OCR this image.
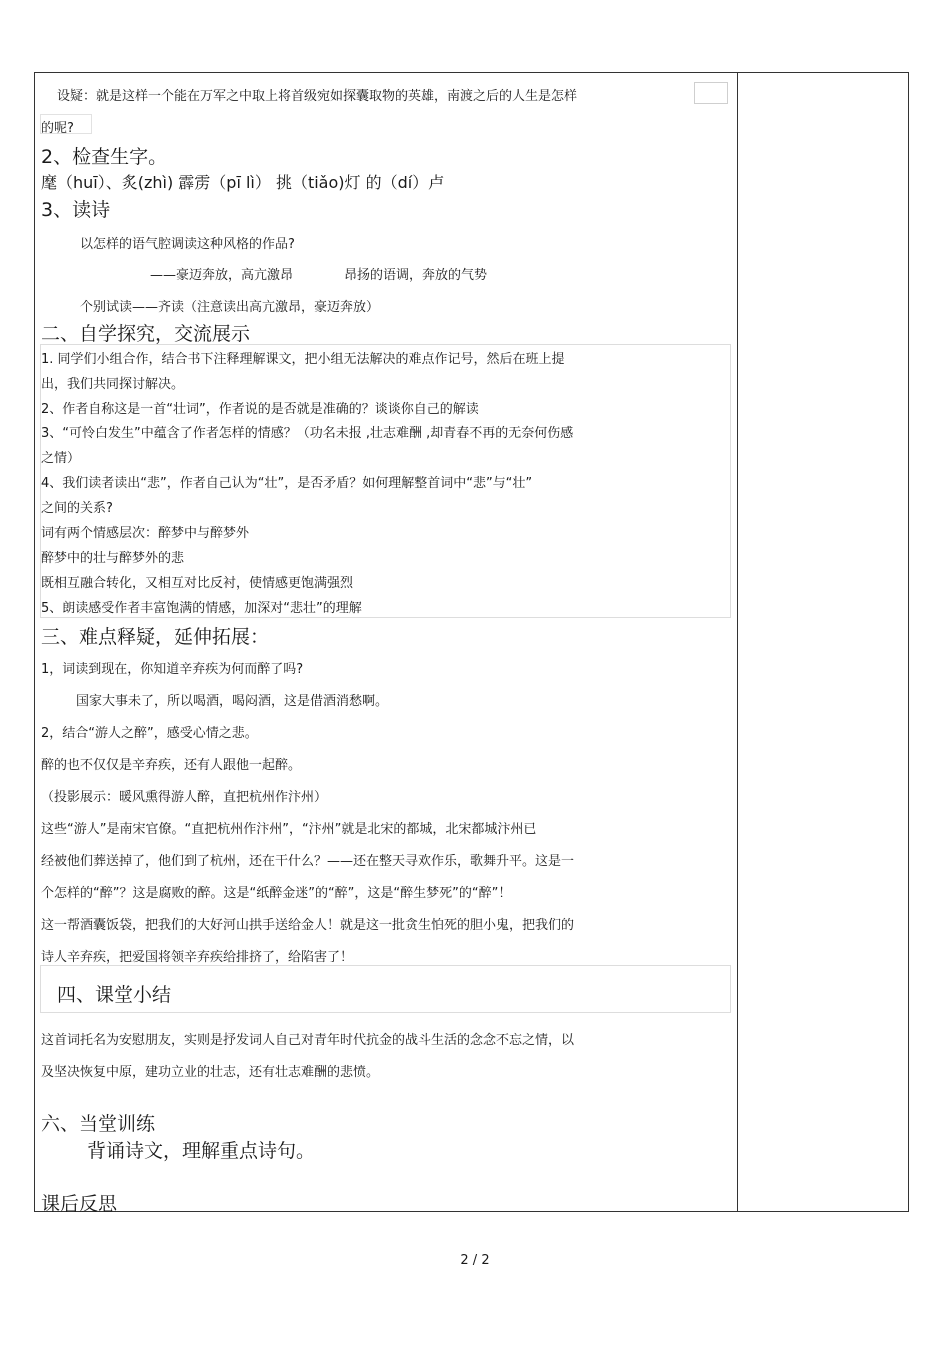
设疑：就是这样一个能在万军之中取上将首级宛如探囊取物的英雄，南渡之后的人生是怎样
的呢?
2、检查生字。
麾（huī）、炙(zhì) 霹雳（pī lì） 挑（tiǎo)灯 的（dí）卢
3、读诗
以怎样的语气腔调读这种风格的作品?
——豪迈奔放，高亢激昂	昂扬的语调，奔放的气势
个别试读——齐读（注意读出高亢激昂，豪迈奔放）
二、自学探究，交流展示
1. 同学们小组合作，结合书下注释理解课文，把小组无法解决的难点作记号，然后在班上提
出，我们共同探讨解决。
2、作者自称这是一首“壮词”，作者说的是否就是准确的？谈谈你自己的解读
3、“可怜白发生”中蕴含了作者怎样的情感？（功名未报 ,壮志难酬 ,却青春不再的无奈何伤感
之情）
4、我们读者读出“悲”，作者自己认为“壮”，是否矛盾？如何理解整首词中“悲”与“壮”
之间的关系?
词有两个情感层次：醉梦中与醉梦外
醉梦中的壮与醉梦外的悲
既相互融合转化，又相互对比反衬，使情感更饱满强烈
5、朗读感受作者丰富饱满的情感，加深对“悲壮”的理解
三、难点释疑，延伸拓展：
1，词读到现在，你知道辛弃疾为何而醉了吗?
国家大事未了，所以喝酒，喝闷酒，这是借酒消愁啊。
2，结合“游人之醉”，感受心情之悲。
醉的也不仅仅是辛弃疾，还有人跟他一起醉。
（投影展示：暖风熏得游人醉，直把杭州作汴州）
这些“游人”是南宋官僚。“直把杭州作汴州”，“汴州”就是北宋的都城，北宋都城汴州已
经被他们葬送掉了，他们到了杭州，还在干什么？——还在整天寻欢作乐，歌舞升平。这是一
个怎样的“醉”？这是腐败的醉。这是“纸醉金迷”的“醉”，这是“醉生梦死”的“醉”！
这一帮酒囊饭袋，把我们的大好河山拱手送给金人！就是这一批贪生怕死的胆小鬼，把我们的
诗人辛弃疾，把爱国将领辛弃疾给排挤了，给陷害了！
四、课堂小结
这首词托名为安慰朋友，实则是抒发词人自己对青年时代抗金的战斗生活的念念不忘之情，以
及坚决恢复中原，建功立业的壮志，还有壮志难酬的悲愤。
六、当堂训练
背诵诗文，理解重点诗句。
课后反思
2 / 2
